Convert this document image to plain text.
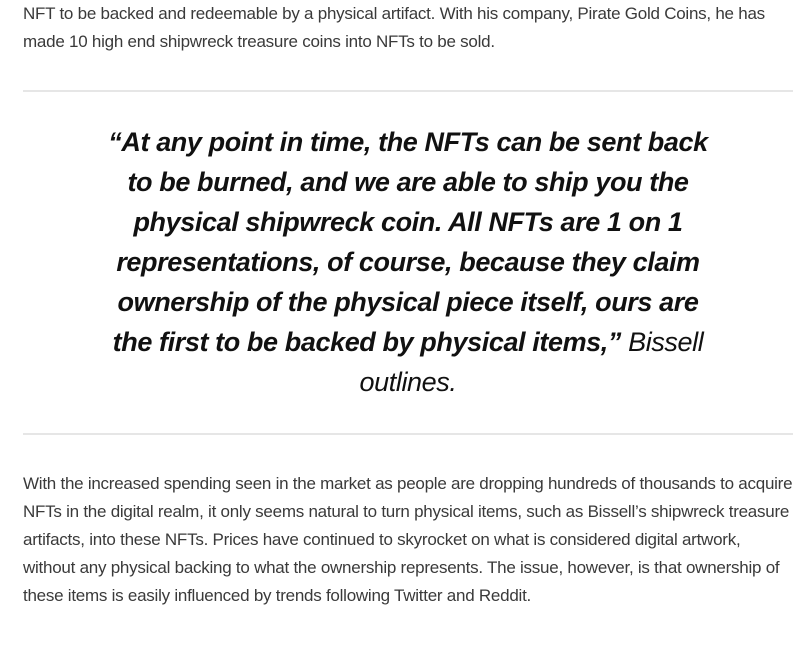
NFT to be backed and redeemable by a physical artifact. With his company, Pirate Gold Coins, he has made 10 high end shipwreck treasure coins into NFTs to be sold.

“At any point in time, the NFTs can be sent back to be burned, and we are able to ship you the physical shipwreck coin. All NFTs are 1 on 1 representations, of course, because they claim ownership of the physical piece itself, ours are the first to be backed by physical items,” Bissell outlines.

With the increased spending seen in the market as people are dropping hundreds of thousands to acquire NFTs in the digital realm, it only seems natural to turn physical items, such as Bissell’s shipwreck treasure artifacts, into these NFTs. Prices have continued to skyrocket on what is considered digital artwork, without any physical backing to what the ownership represents. The issue, however, is that ownership of these items is easily influenced by trends following Twitter and Reddit.
